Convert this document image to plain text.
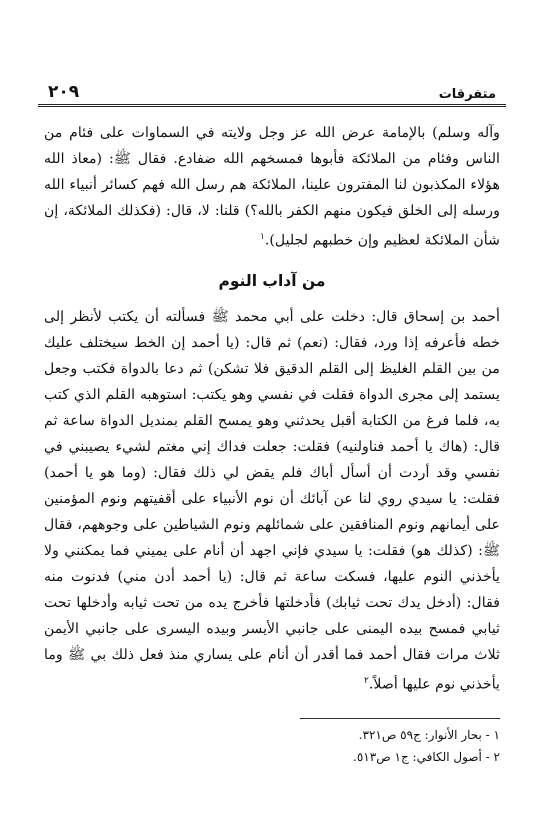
متفرقات
٢٠٩

وآله وسلم) بالإمامة عرض الله عز وجل ولايته في السماوات على فئام من الناس وفئام من الملائكة فأبوها فمسخهم الله ضفادع. فقال ﷺ: (معاذ الله هؤلاء المكذبون لنا المفترون علينا، الملائكة هم رسل الله فهم كسائر أنبياء الله ورسله إلى الخلق فيكون منهم الكفر بالله؟) قلنا: لا، قال: (فكذلك الملائكة، إن شأن الملائكة لعظيم وإن خطبهم لجليل).$^١$

من آداب النوم

أحمد بن إسحاق قال: دخلت على أبي محمد ﷺ فسألته أن يكتب لأنظر إلى خطه فأعرفه إذا ورد، فقال: (نعم) ثم قال: (يا أحمد إن الخط سيختلف عليك من بين القلم الغليظ إلى القلم الدقيق فلا تشكن) ثم دعا بالدواة فكتب وجعل يستمد إلى مجرى الدواة فقلت في نفسي وهو يكتب: استوهبه القلم الذي كتب به، فلما فرغ من الكتابة أقبل يحدثني وهو يمسح القلم بمنديل الدواة ساعة ثم قال: (هاك يا أحمد فناولنيه) فقلت: جعلت فداك إني مغتم لشيء يصيبني في نفسي وقد أردت أن أسأل أباك فلم يقض لي ذلك فقال: (وما هو يا أحمد) فقلت: يا سيدي روي لنا عن آبائك أن نوم الأنبياء على أقفيتهم ونوم المؤمنين على أيمانهم ونوم المنافقين على شمائلهم ونوم الشياطين على وجوههم، فقال ﷺ: (كذلك هو) فقلت: يا سيدي فإني اجهد أن أنام على يميني فما يمكنني ولا يأخذني النوم عليها، فسكت ساعة ثم قال: (يا أحمد أدن مني) فدنوت منه فقال: (أدخل يدك تحت ثيابك) فأدخلتها فأخرج يده من تحت ثيابه وأدخلها تحت ثيابي فمسح بيده اليمنى على جانبي الأيسر وبيده اليسرى على جانبي الأيمن ثلاث مرات فقال أحمد فما أقدر أن أنام على يساري منذ فعل ذلك بي ﷺ وما يأخذني نوم عليها أصلاً.$^٢$

١ - بحار الأنوار: ج٥٩ ص٣٢١.
٢ - أصول الكافي: ج١ ص٥١٣.
